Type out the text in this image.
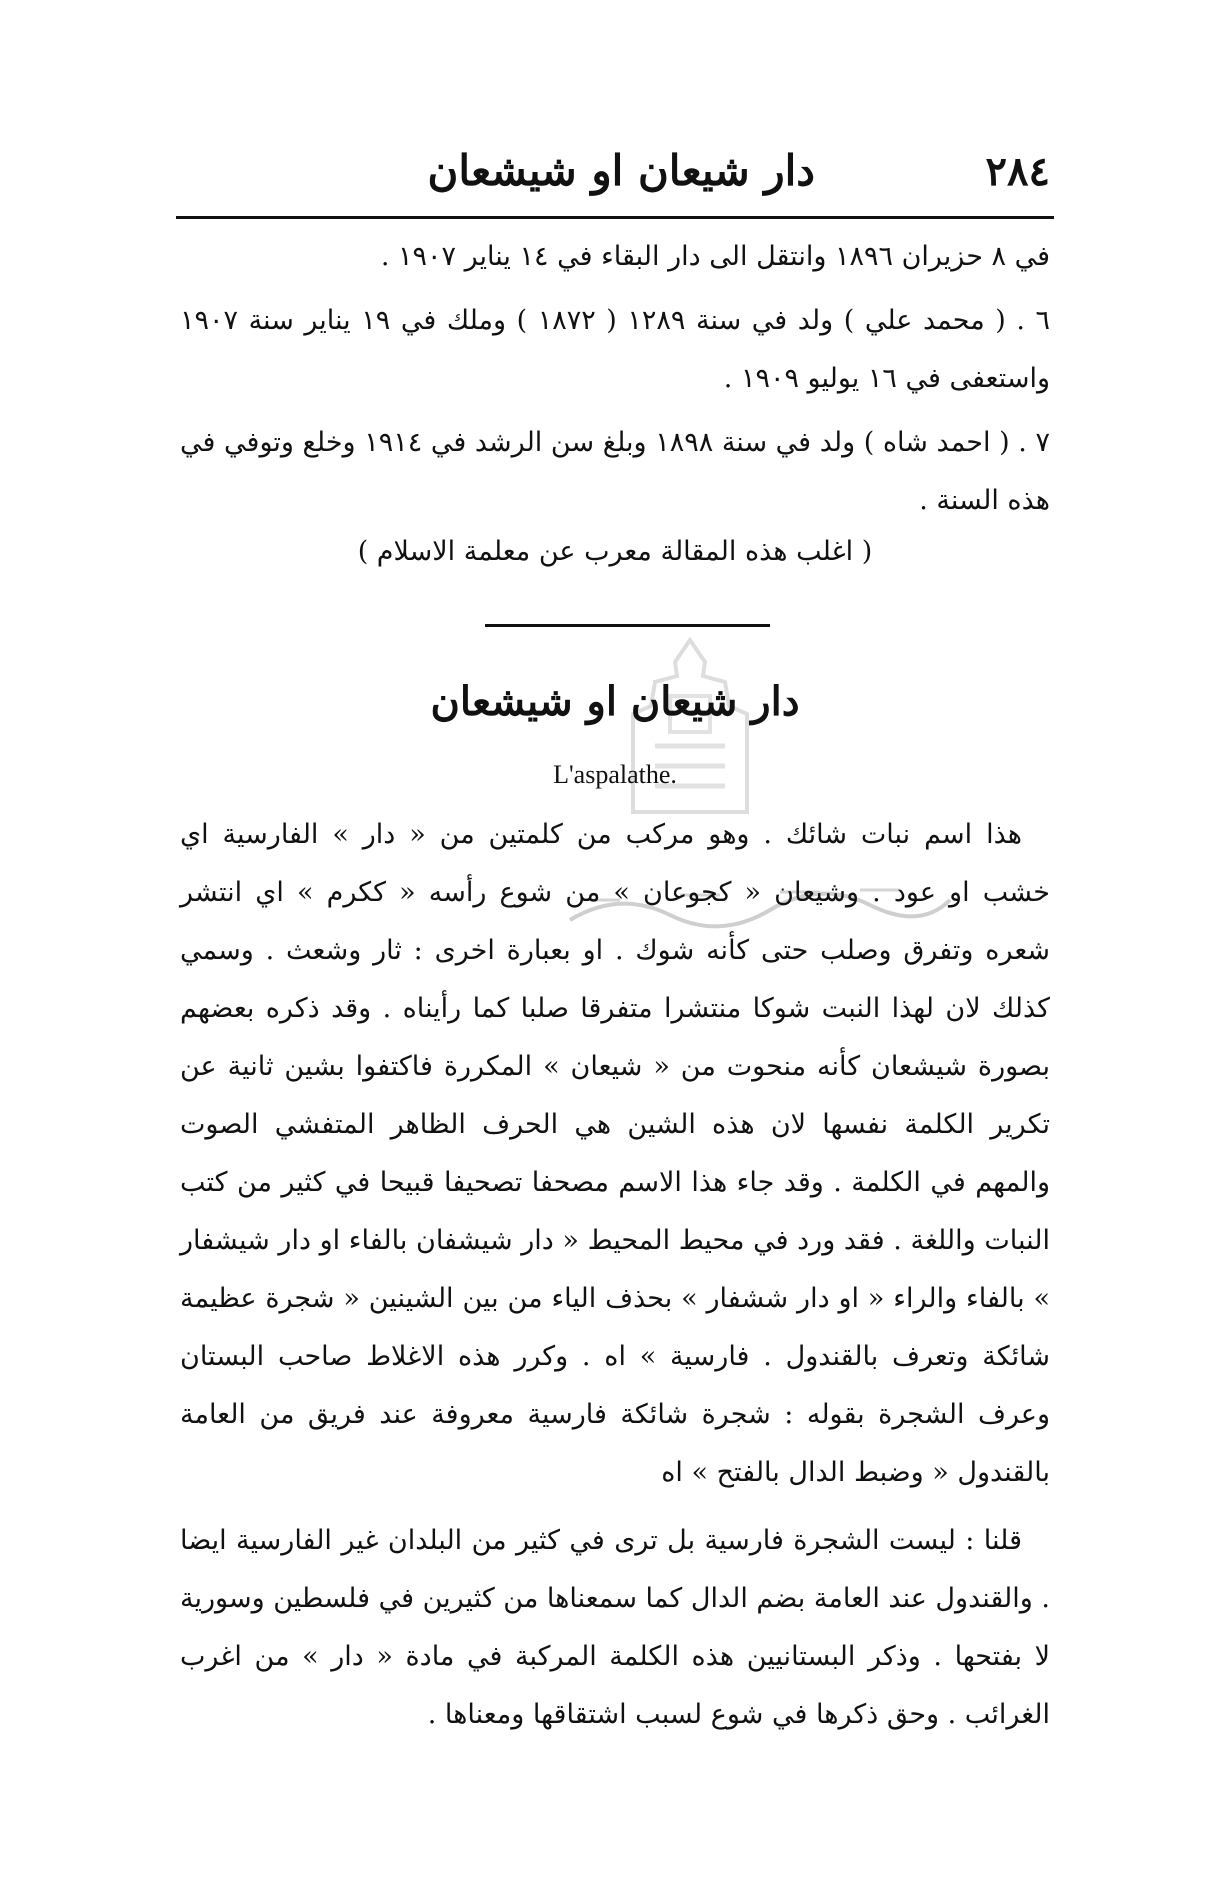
٢٨٤
دار شيعان او شيشعان

في ٨ حزيران ١٨٩٦ وانتقل الى دار البقاء في ١٤ يناير ١٩٠٧ .

٦ . ( محمد علي ) ولد في سنة ١٢٨٩ ( ١٨٧٢ ) وملك في ١٩ يناير سنة ١٩٠٧ واستعفى في ١٦ يوليو ١٩٠٩ .

٧ . ( احمد شاه ) ولد في سنة ١٨٩٨ وبلغ سن الرشد في ١٩١٤ وخلع وتوفي في هذه السنة .

( اغلب هذه المقالة معرب عن معلمة الاسلام )
دار شيعان او شيشعان
L'aspalathe.

هذا اسم نبات شائك . وهو مركب من كلمتين من « دار » الفارسية اي خشب او عود . وشيعان « كجوعان » من شوع رأسه « ككرم » اي انتشر شعره وتفرق وصلب حتى كأنه شوك . او بعبارة اخرى : ثار وشعث . وسمي كذلك لان لهذا النبت شوكا منتشرا متفرقا صلبا كما رأيناه . وقد ذكره بعضهم بصورة شيشعان كأنه منحوت من « شيعان » المكررة فاكتفوا بشين ثانية عن تكرير الكلمة نفسها لان هذه الشين هي الحرف الظاهر المتفشي الصوت والمهم في الكلمة . وقد جاء هذا الاسم مصحفا تصحيفا قبيحا في كثير من كتب النبات واللغة . فقد ورد في محيط المحيط « دار شيشفان بالفاء او دار شيشفار » بالفاء والراء « او دار ششفار » بحذف الياء من بين الشينين « شجرة عظيمة شائكة وتعرف بالقندول . فارسية » اه . وكرر هذه الاغلاط صاحب البستان وعرف الشجرة بقوله : شجرة شائكة فارسية معروفة عند فريق من العامة بالقندول « وضبط الدال بالفتح » اه

قلنا : ليست الشجرة فارسية بل ترى في كثير من البلدان غير الفارسية ايضا . والقندول عند العامة بضم الدال كما سمعناها من كثيرين في فلسطين وسورية لا بفتحها . وذكر البستانيين هذه الكلمة المركبة في مادة « دار » من اغرب الغرائب . وحق ذكرها في شوع لسبب اشتقاقها ومعناها .
